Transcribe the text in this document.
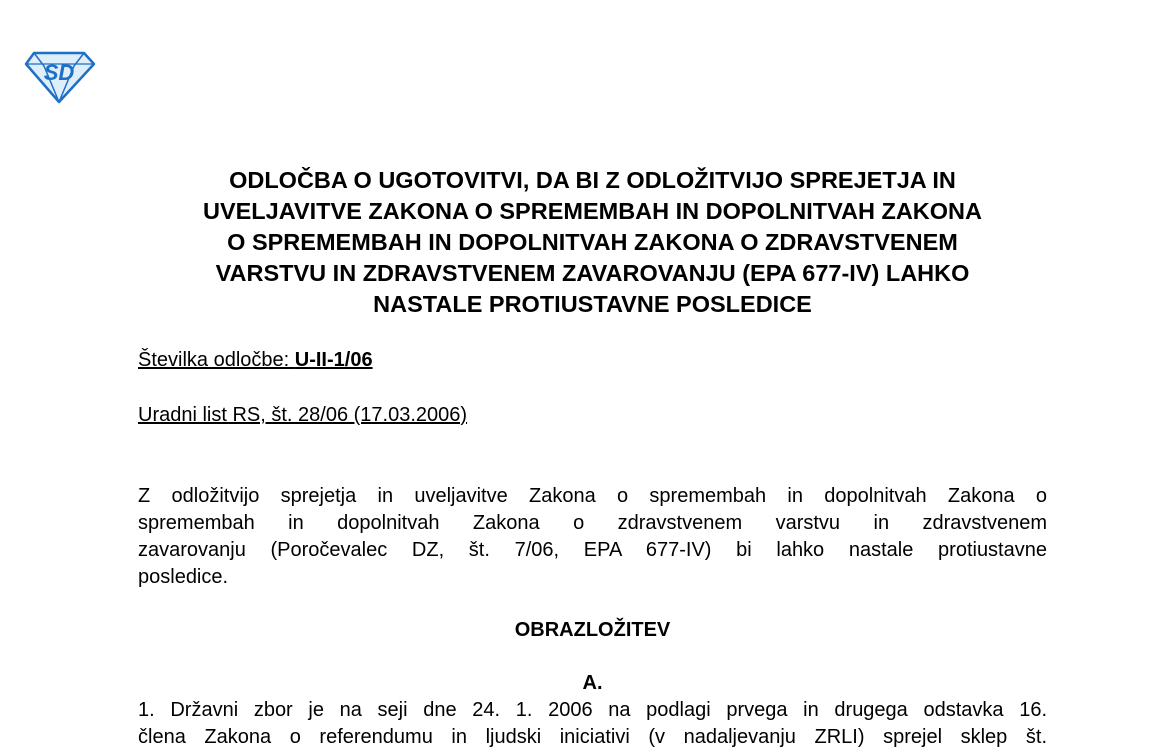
SD
ODLOČBA O UGOTOVITVI, DA BI Z ODLOŽITVIJO SPREJETJA IN
UVELJAVITVE ZAKONA O SPREMEMBAH IN DOPOLNITVAH ZAKONA
O SPREMEMBAH IN DOPOLNITVAH ZAKONA O ZDRAVSTVENEM
VARSTVU IN ZDRAVSTVENEM ZAVAROVANJU (EPA 677-IV) LAHKO
NASTALE PROTIUSTAVNE POSLEDICE
Številka odločbe: U-II-1/06
Uradni list RS, št. 28/06 (17.03.2006)
Z odložitvijo sprejetja in uveljavitve Zakona o spremembah in dopolnitvah Zakona o
spremembah in dopolnitvah Zakona o zdravstvenem varstvu in zdravstvenem
zavarovanju (Poročevalec DZ, št. 7/06, EPA 677-IV) bi lahko nastale protiustavne
posledice.
OBRAZLOŽITEV
A.
1. Državni zbor je na seji dne 24. 1. 2006 na podlagi prvega in drugega odstavka 16.
člena Zakona o referendumu in ljudski iniciativi (v nadaljevanju ZRLI) sprejel sklep št.
